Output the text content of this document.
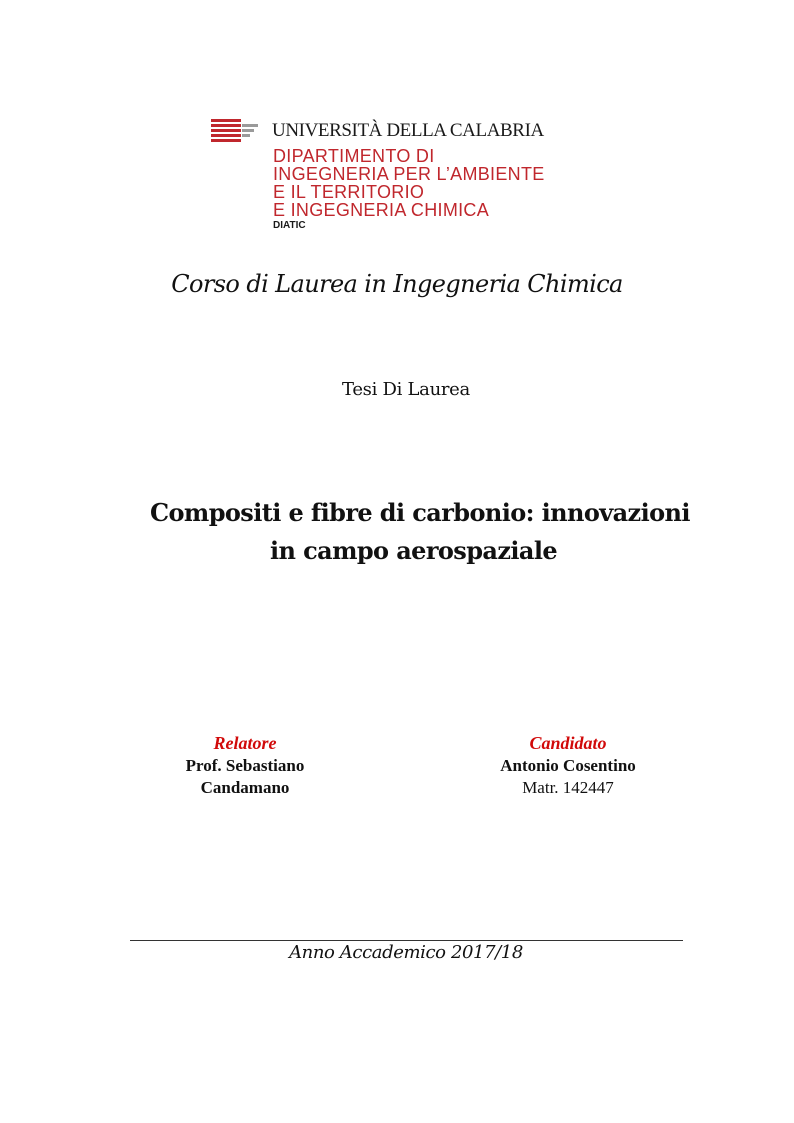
UNIVERSITÀ DELLA CALABRIA
DIPARTIMENTO DI
INGEGNERIA PER L’AMBIENTE
E IL TERRITORIO
E INGEGNERIA CHIMICA
DIATIC
Corso di Laurea in Ingegneria Chimica
Tesi Di Laurea
Compositi e fibre di carbonio: innovazioni
in campo aerospaziale
Relatore
Prof. Sebastiano
Candamano
Candidato
Antonio Cosentino
Matr. 142447
Anno Accademico 2017/18
